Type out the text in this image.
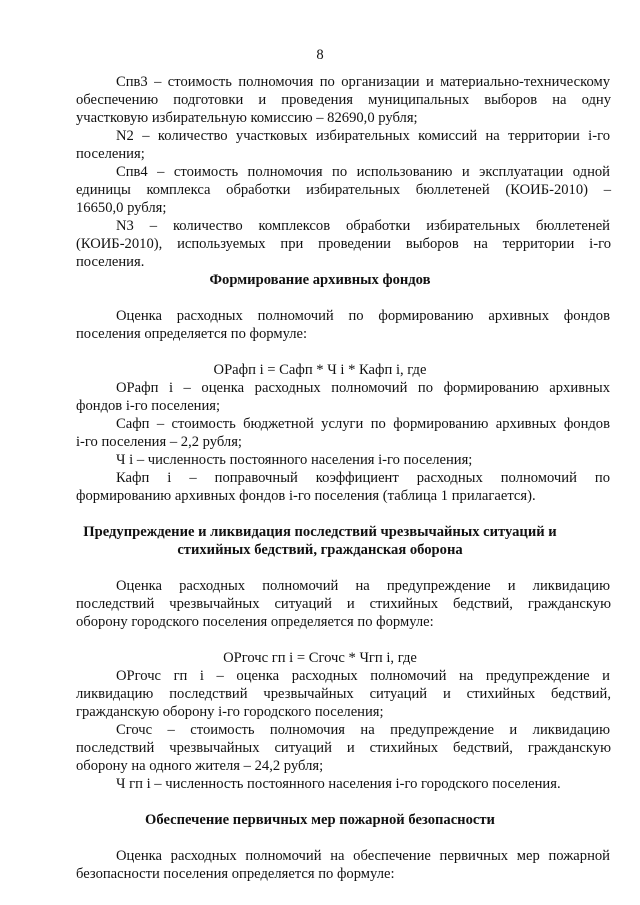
8

Спв3 – стоимость полномочия по организации и материально-техническому

обеспечению подготовки и проведения муниципальных выборов на одну

участковую избирательную комиссию – 82690,0 рубля;

N2 – количество участковых избирательных комиссий на территории i-го

поселения;

Спв4 – стоимость полномочия по использованию и эксплуатации одной

единицы комплекса обработки избирательных бюллетеней (КОИБ-2010) –

16650,0 рубля;

N3 – количество комплексов обработки избирательных бюллетеней

(КОИБ-2010), используемых при проведении выборов на территории i-го

поселения.

Формирование архивных фондов

Оценка расходных полномочий по формированию архивных фондов

поселения определяется по формуле:

ОРафп i = Сафп * Ч i * Кафп i, где

ОРафп i – оценка расходных полномочий по формированию архивных

фондов i-го поселения;

Сафп – стоимость бюджетной услуги по формированию архивных фондов

i-го поселения – 2,2 рубля;

Ч i – численность постоянного населения i-го поселения;

Кафп i – поправочный коэффициент расходных полномочий по

формированию архивных фондов i-го поселения (таблица 1 прилагается).

Предупреждение и ликвидация последствий чрезвычайных ситуаций и

стихийных бедствий, гражданская оборона

Оценка расходных полномочий на предупреждение и ликвидацию

последствий чрезвычайных ситуаций и стихийных бедствий, гражданскую

оборону городского поселения определяется по формуле:

ОРгочс гп i = Сгочс * Чгп i, где

ОРгочс гп i – оценка расходных полномочий на предупреждение и

ликвидацию последствий чрезвычайных ситуаций и стихийных бедствий,

гражданскую оборону i-го городского поселения;

Сгочс – стоимость полномочия на предупреждение и ликвидацию

последствий чрезвычайных ситуаций и стихийных бедствий, гражданскую

оборону на одного жителя – 24,2 рубля;

Ч гп i – численность постоянного населения i-го городского поселения.

Обеспечение первичных мер пожарной безопасности

Оценка расходных полномочий на обеспечение первичных мер пожарной

безопасности поселения определяется по формуле:
